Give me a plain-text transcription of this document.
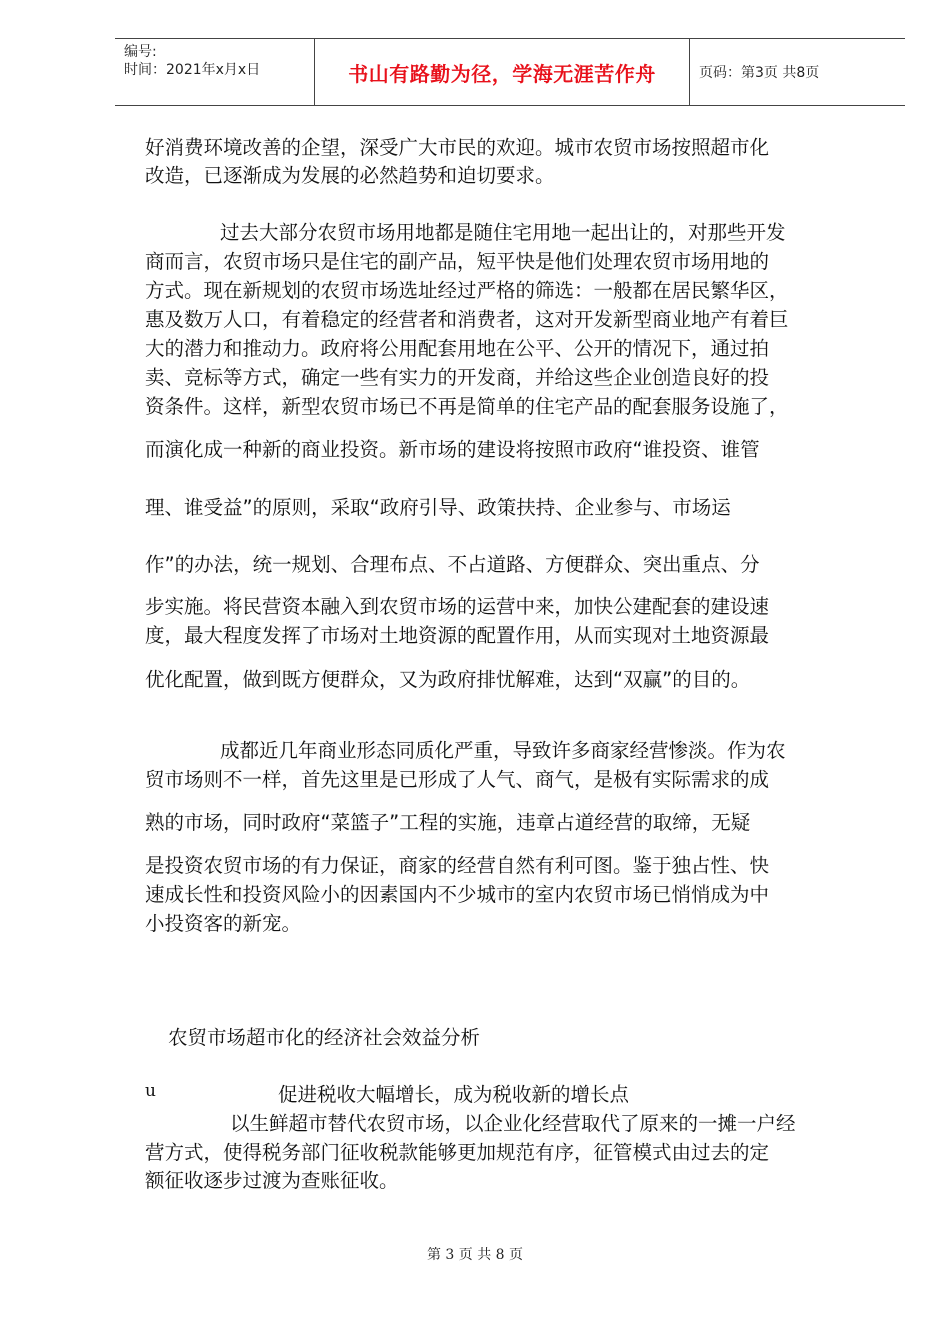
编号:
时间：2021年x月x日	书山有路勤为径，学海无涯苦作舟	页码：第3页 共8页

好消费环境改善的企望，深受广大市民的欢迎。城市农贸市场按照超市化

改造，已逐渐成为发展的必然趋势和迫切要求。

过去大部分农贸市场用地都是随住宅用地一起出让的，对那些开发

商而言，农贸市场只是住宅的副产品，短平快是他们处理农贸市场用地的

方式。现在新规划的农贸市场选址经过严格的筛选：一般都在居民繁华区，

惠及数万人口，有着稳定的经营者和消费者，这对开发新型商业地产有着巨

大的潜力和推动力。政府将公用配套用地在公平、公开的情况下，通过拍

卖、竞标等方式，确定一些有实力的开发商，并给这些企业创造良好的投

资条件。这样，新型农贸市场已不再是简单的住宅产品的配套服务设施了，

而演化成一种新的商业投资。新市场的建设将按照市政府“谁投资、谁管

理、谁受益”的原则，采取“政府引导、政策扶持、企业参与、市场运

作”的办法，统一规划、合理布点、不占道路、方便群众、突出重点、分

步实施。将民营资本融入到农贸市场的运营中来，加快公建配套的建设速

度，最大程度发挥了市场对土地资源的配置作用，从而实现对土地资源最

优化配置，做到既方便群众，又为政府排忧解难，达到“双赢”的目的。

成都近几年商业形态同质化严重，导致许多商家经营惨淡。作为农

贸市场则不一样，首先这里是已形成了人气、商气，是极有实际需求的成

熟的市场，同时政府“菜篮子”工程的实施，违章占道经营的取缔，无疑

是投资农贸市场的有力保证，商家的经营自然有利可图。鉴于独占性、快

速成长性和投资风险小的因素国内不少城市的室内农贸市场已悄悄成为中

小投资客的新宠。

农贸市场超市化的经济社会效益分析

u	促进税收大幅增长，成为税收新的增长点

以生鲜超市替代农贸市场，以企业化经营取代了原来的一摊一户经

营方式，使得税务部门征收税款能够更加规范有序，征管模式由过去的定

额征收逐步过渡为查账征收。

第 3 页 共 8 页
